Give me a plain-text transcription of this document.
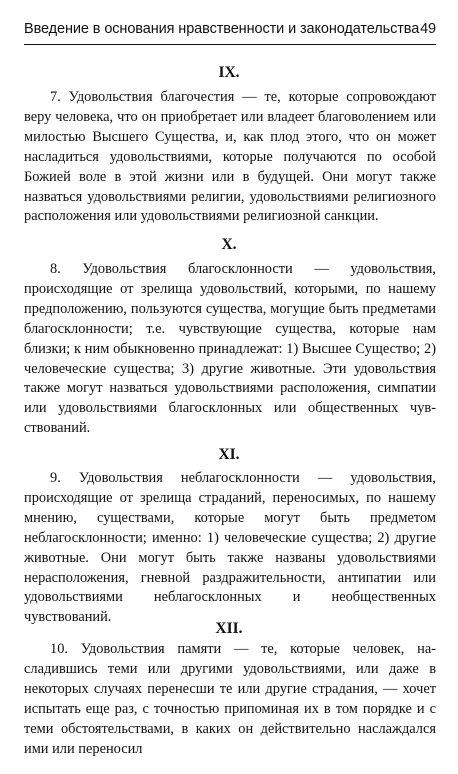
Введение в основания нравственности и законодательства 49
IX.

7. Удовольствия благочестия — те, которые сопровождают веру человека, что он приобретает или владеет благоволением или милостью Высшего Существа, и, как плод этого, что он может насладиться удовольствиями, которые получаются по особой Божией воле в этой жизни или в будущей. Они могут также назваться удовольствиями религии, удовольствиями религиозного расположения или удовольствиями религиозной санкции.

X.

8. Удовольствия благосклонности — удовольствия, происходящие от зрелища удовольствий, которыми, по нашему предположению, пользуются существа, могущие быть предметами благосклонности; т.е. чувствующие существа, которые нам близки; к ним обыкновенно принадлежат: 1) Высшее Существо; 2) человеческие существа; 3) другие животные. Эти удовольствия также могут назваться удовольствиями расположения, симпатии или удовольствиями благосклонных или общественных чувствований.

XI.

9. Удовольствия неблагосклонности — удовольствия, происходящие от зрелища страданий, переносимых, по нашему мнению, существами, которые могут быть предметом неблагосклонности; именно: 1) человеческие существа; 2) другие животные. Они могут быть также названы удовольствиями нерасположения, гневной раздражительности, антипатии или удовольствиями неблагосклонных и необщественных чувствований.

XII.

10. Удовольствия памяти — те, которые человек, насладившись теми или другими удовольствиями, или даже в некоторых случаях перенесши те или другие страдания, — хочет испытать еще раз, с точностью припоминая их в том порядке и с теми обстоятельствами, в каких он действительно наслаждался ими или переносил
